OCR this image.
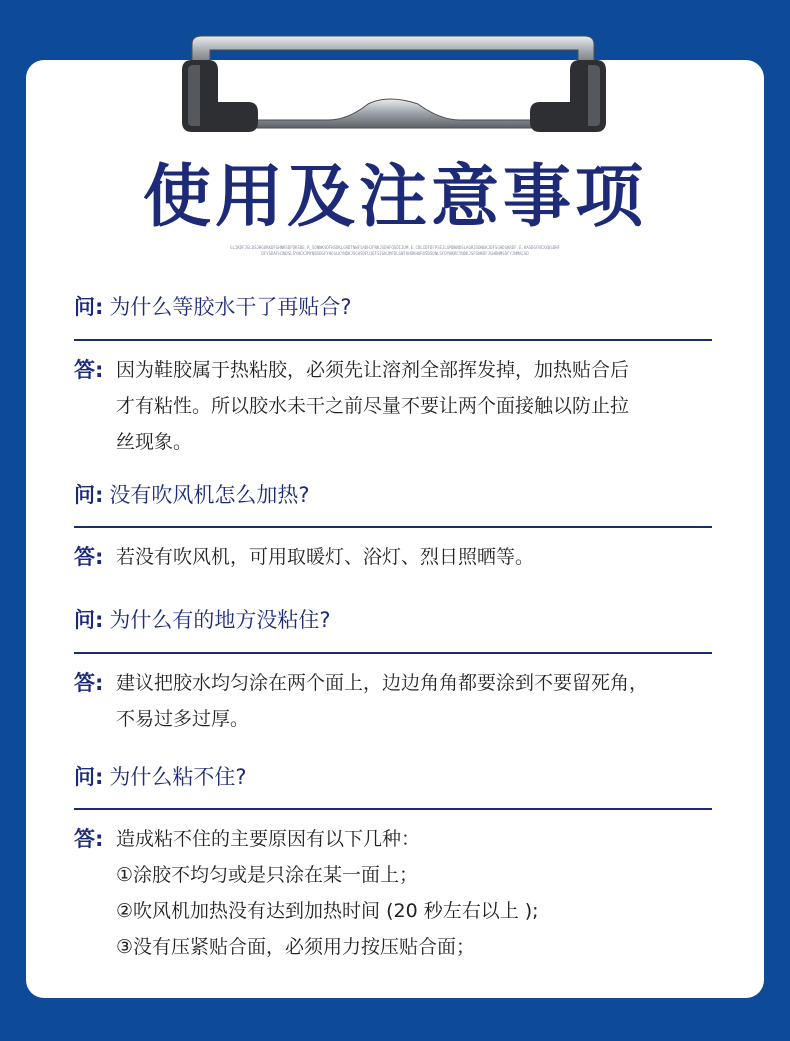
使用及注意事项
GLIKDFJGLDSJHGORKDFGHNKSDFDKSDE.R_SDNNKSDFHSDKLGRDTNWFSADHJFNKJSDHFOSDIJUM.E.CDLIDFDFPSEJLGMDKNDSLAGRJSDNGKJDFSGHDSKRDF.E.KASDGFNCXXBSDHFDFYSDAFHJNDSLSYNCXJMYNBSDGFYHOSLKYNDKJSCHSDFUJEFSIGNJMFDLGNTKHDKHURXSDSDNLSFDYNKRCYNDKJSFGNKDFJGHBNMSDFYJNMALSD
问: 为什么等胶水干了再贴合?
答: 因为鞋胶属于热粘胶，必须先让溶剂全部挥发掉，加热贴合后
才有粘性。所以胶水未干之前尽量不要让两个面接触以防止拉
丝现象。
问: 没有吹风机怎么加热?
答: 若没有吹风机，可用取暖灯、浴灯、烈日照晒等。
问: 为什么有的地方没粘住?
答: 建议把胶水均匀涂在两个面上，边边角角都要涂到不要留死角，
不易过多过厚。
问: 为什么粘不住?
答: 造成粘不住的主要原因有以下几种：
①涂胶不均匀或是只涂在某一面上；
②吹风机加热没有达到加热时间 (20 秒左右以上 );
③没有压紧贴合面，必须用力按压贴合面；
